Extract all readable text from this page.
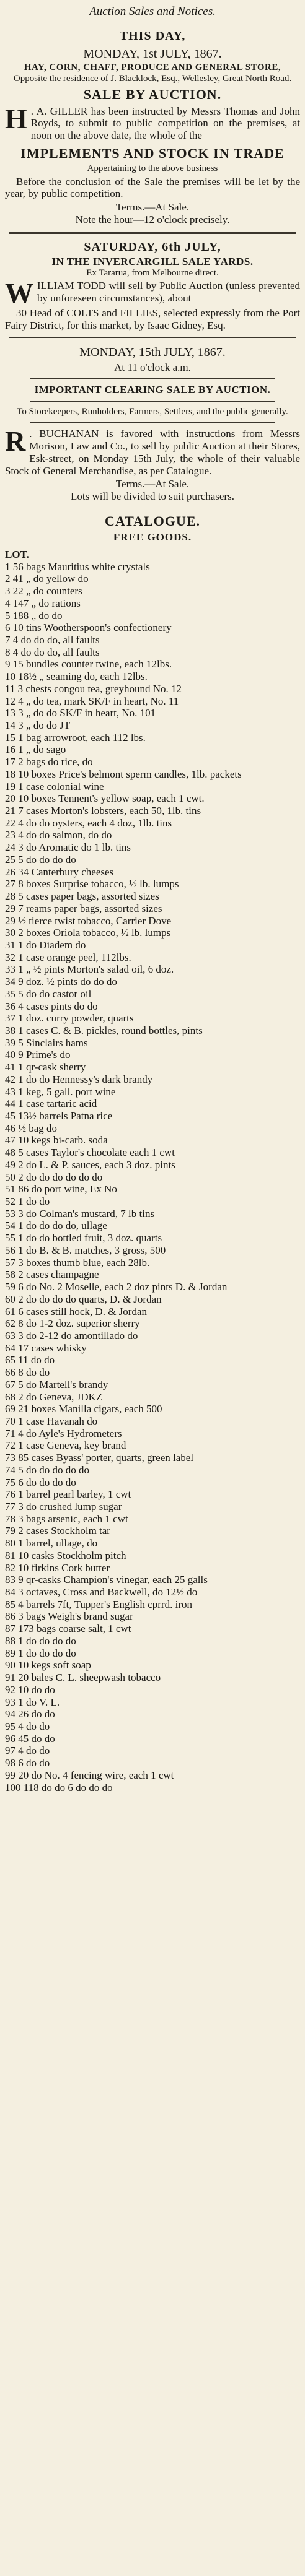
Auction Sales and Notices.
THIS DAY,
MONDAY, 1st JULY, 1867.
HAY, CORN, CHAFF, PRODUCE AND GENERAL STORE,
Opposite the residence of J. Blacklock, Esq., Wellesley, Great North Road.
SALE BY AUCTION.
H . A. GILLER has been instructed by Messrs Thomas and John Royds, to submit to public competition on the premises, at noon on the above date, the whole of the
IMPLEMENTS AND STOCK IN TRADE
Appertaining to the above business
Before the conclusion of the Sale the premises will be let by the year, by public competition.
Terms.—At Sale.
Note the hour—12 o'clock precisely.
SATURDAY, 6th JULY,
IN THE INVERCARGILL SALE YARDS.
Ex Tararua, from Melbourne direct.
WILLIAM TODD will sell by Public Auction (unless prevented by unforeseen circumstances), about
30 Head of COLTS and FILLIES, selected expressly from the Port Fairy District, for this market, by Isaac Gidney, Esq.
MONDAY, 15th JULY, 1867.
At 11 o'clock a.m.
IMPORTANT CLEARING SALE BY AUCTION.
To Storekeepers, Runholders, Farmers, Settlers, and the public generally.
R . BUCHANAN is favored with instructions from Messrs Morison, Law and Co., to sell by public Auction at their Stores, Esk-street, on Monday 15th July, the whole of their valuable Stock of General Merchandise, as per Catalogue.
Terms.—At Sale.
Lots will be divided to suit purchasers.
CATALOGUE.
FREE GOODS.
LOT.
1 56 bags Mauritius white crystals
2 41 „ do yellow do
3 22 „ do counters
4 147 „ do rations
5 188 „ do do
6 10 tins Wootherspoon's confectionery
7 4 do do do, all faults
8 4 do do do, all faults
9 15 bundles counter twine, each 12lbs.
10 18½ „ seaming do, each 12lbs.
11 3 chests congou tea, greyhound No. 12
12 4 „ do tea, mark SK/F in heart, No. 11
13 3 „ do do SK/F in heart, No. 101
14 3 „ do do JT
15 1 bag arrowroot, each 112 lbs.
16 1 „ do sago
17 2 bags do rice, do
18 10 boxes Price's belmont sperm candles, 1lb. packets
19 1 case colonial wine
20 10 boxes Tennent's yellow soap, each 1 cwt.
21 7 cases Morton's lobsters, each 50, 1lb. tins
22 4 do do oysters, each 4 doz, 1lb. tins
23 4 do do salmon, do do
24 3 do Aromatic do 1 lb. tins
25 5 do do do do
26 34 Canterbury cheeses
27 8 boxes Surprise tobacco, ½ lb. lumps
28 5 cases paper bags, assorted sizes
29 7 reams paper bags, assorted sizes
29 ½ tierce twist tobacco, Carrier Dove
30 2 boxes Oriola tobacco, ½ lb. lumps
31 1 do Diadem do
32 1 case orange peel, 112lbs.
33 1 „ ½ pints Morton's salad oil, 6 doz.
34 9 doz. ½ pints do do do
35 5 do do castor oil
36 4 cases pints do do
37 1 doz. curry powder, quarts
38 1 cases C. & B. pickles, round bottles, pints
39 5 Sinclairs hams
40 9 Prime's do
41 1 qr-cask sherry
42 1 do do Hennessy's dark brandy
43 1 keg, 5 gall. port wine
44 1 case tartaric acid
45 13½ barrels Patna rice
46 ½ bag do
47 10 kegs bi-carb. soda
48 5 cases Taylor's chocolate each 1 cwt
49 2 do L. & P. sauces, each 3 doz. pints
50 2 do do do do do do
51 86 do port wine, Ex No
52 1 do do
53 3 do Colman's mustard, 7 lb tins
54 1 do do do do, ullage
55 1 do do bottled fruit, 3 doz. quarts
56 1 do B. & B. matches, 3 gross, 500
57 3 boxes thumb blue, each 28lb.
58 2 cases champagne
59 6 do No. 2 Moselle, each 2 doz pints D. & Jordan
60 2 do do do do quarts, D. & Jordan
61 6 cases still hock, D. & Jordan
62 8 do 1-2 doz. superior sherry
63 3 do 2-12 do amontillado do
64 17 cases whisky
65 11 do do
66 8 do do
67 5 do Martell's brandy
68 2 do Geneva, JDKZ
69 21 boxes Manilla cigars, each 500
70 1 case Havanah do
71 4 do Ayle's Hydrometers
72 1 case Geneva, key brand
73 85 cases Byass' porter, quarts, green label
74 5 do do do do do
75 6 do do do do
76 1 barrel pearl barley, 1 cwt
77 3 do crushed lump sugar
78 3 bags arsenic, each 1 cwt
79 2 cases Stockholm tar
80 1 barrel, ullage, do
81 10 casks Stockholm pitch
82 10 firkins Cork butter
83 9 qr-casks Champion's vinegar, each 25 galls
84 3 octaves, Cross and Backwell, do 12½ do
85 4 barrels 7ft, Tupper's English cprrd. iron
86 3 bags Weigh's brand sugar
87 173 bags coarse salt, 1 cwt
88 1 do do do do
89 1 do do do do
90 10 kegs soft soap
91 20 bales C. L. sheepwash tobacco
92 10 do do
93 1 do V. L.
94 26 do do
95 4 do do
96 45 do do
97 4 do do
98 6 do do
99 20 do No. 4 fencing wire, each 1 cwt
100 118 do do 6 do do do
